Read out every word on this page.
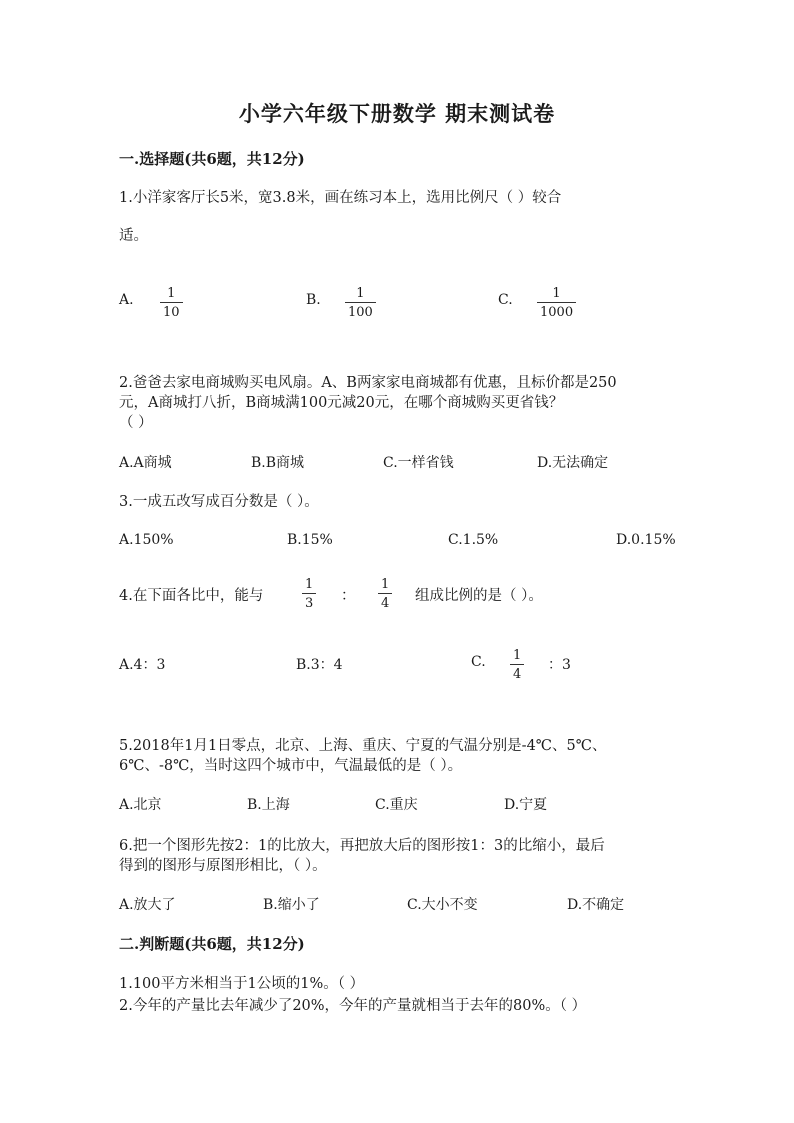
小学六年级下册数学 期末测试卷
一.选择题(共6题，共12分)
1.小洋家客厅长5米，宽3.8米，画在练习本上，选用比例尺（ ）较合
适。
A.	1
10
B.	1
100
C.	1
1000
2.爸爸去家电商城购买电风扇。A、B两家家电商城都有优惠，且标价都是250
元，A商城打八折，B商城满100元减20元，在哪个商城购买更省钱？
（ ）
A.A商城	B.B商城	C.一样省钱	D.无法确定
3.一成五改写成百分数是（ ）。
A.150%	B.15%	C.1.5%	D.0.15%
4.在下面各比中，能与
1
3 ：
1
4 组成比例的是（ ）。
A.4：3	B.3：4	C. 1
4
：3
5.2018年1月1日零点，北京、上海、重庆、宁夏的气温分别是-4℃、5℃、
6℃、-8℃，当时这四个城市中，气温最低的是（ ）。
A.北京	B.上海	C.重庆	D.宁夏
6.把一个图形先按2：1的比放大，再把放大后的图形按1：3的比缩小，最后
得到的图形与原图形相比，（ ）。
A.放大了	B.缩小了	C.大小不变	D.不确定
二.判断题(共6题，共12分)
1.100平方米相当于1公顷的1%。（ ）
2.今年的产量比去年减少了20%，今年的产量就相当于去年的80%。（ ）
